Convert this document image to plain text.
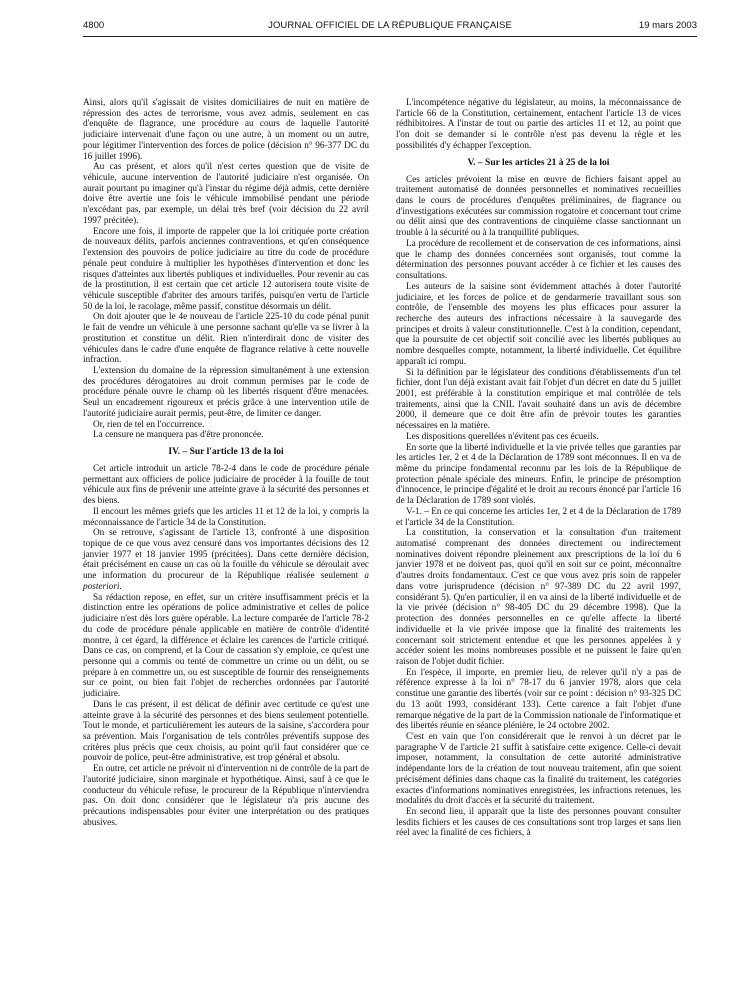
4800	JOURNAL OFFICIEL DE LA RÉPUBLIQUE FRANÇAISE	19 mars 2003

Ainsi, alors qu'il s'agissait de visites domiciliaires de nuit en matière de répression des actes de terrorisme, vous avez admis, seulement en cas d'enquête de flagrance, une procédure au cours de laquelle l'autorité judiciaire intervenait d'une façon ou une autre, à un moment ou un autre, pour légitimer l'intervention des forces de police (décision n° 96-377 DC du 16 juillet 1996).

Au cas présent, et alors qu'il n'est certes question que de visite de véhicule, aucune intervention de l'autorité judiciaire n'est organisée. On aurait pourtant pu imaginer qu'à l'instar du régime déjà admis, cette dernière doive être avertie une fois le véhicule immobilisé pendant une période n'excédant pas, par exemple, un délai très bref (voir décision du 22 avril 1997 précitée).

Encore une fois, il importe de rappeler que la loi critiquée porte création de nouveaux délits, parfois anciennes contraventions, et qu'en conséquence l'extension des pouvoirs de police judiciaire au titre du code de procédure pénale peut conduire à multiplier les hypothèses d'intervention et donc les risques d'atteintes aux libertés publiques et individuelles. Pour revenir au cas de la prostitution, il est certain que cet article 12 autorisera toute visite de véhicule susceptible d'abriter des amours tarifés, puisqu'en vertu de l'article 50 de la loi, le racolage, même passif, constitue désormais un délit.

On doit ajouter que le 4e nouveau de l'article 225-10 du code pénal punit le fait de vendre un véhicule à une personne sachant qu'elle va se livrer à la prostitution et constitue un délit. Rien n'interdirait donc de visiter des véhicules dans le cadre d'une enquête de flagrance relative à cette nouvelle infraction.

L'extension du domaine de la répression simultanément à une extension des procédures dérogatoires au droit commun permises par le code de procédure pénale ouvre le champ où les libertés risquent d'être menacées. Seul un encadrement rigoureux et précis grâce à une intervention utile de l'autorité judiciaire aurait permis, peut-être, de limiter ce danger.

Or, rien de tel en l'occurrence.

La censure ne manquera pas d'être prononcée.

IV. – Sur l'article 13 de la loi

Cet article introduit un article 78-2-4 dans le code de procédure pénale permettant aux officiers de police judiciaire de procéder à la fouille de tout véhicule aux fins de prévenir une atteinte grave à la sécurité des personnes et des biens.

Il encourt les mêmes griefs que les articles 11 et 12 de la loi, y compris la méconnaissance de l'article 34 de la Constitution.

On se retrouve, s'agissant de l'article 13, confronté à une disposition topique de ce que vous avez censuré dans vos importantes décisions des 12 janvier 1977 et 18 janvier 1995 (précitées). Dans cette dernière décision, était précisément en cause un cas où la fouille du véhicule se déroulait avec une information du procureur de la République réalisée seulement a posteriori.

Sa rédaction repose, en effet, sur un critère insuffisamment précis et la distinction entre les opérations de police administrative et celles de police judiciaire n'est dès lors guère opérable. La lecture comparée de l'article 78-2 du code de procédure pénale applicable en matière de contrôle d'identité montre, à cet égard, la différence et éclaire les carences de l'article critiqué. Dans ce cas, on comprend, et la Cour de cassation s'y emploie, ce qu'est une personne qui a commis ou tenté de commettre un crime ou un délit, ou se prépare à en commettre un, ou est susceptible de fournir des renseignements sur ce point, ou bien fait l'objet de recherches ordonnées par l'autorité judiciaire.

Dans le cas présent, il est délicat de définir avec certitude ce qu'est une atteinte grave à la sécurité des personnes et des biens seulement potentielle. Tout le monde, et particulièrement les auteurs de la saisine, s'accordera pour sa prévention. Mais l'organisation de tels contrôles préventifs suppose des critères plus précis que ceux choisis, au point qu'il faut considérer que ce pouvoir de police, peut-être administrative, est trop général et absolu.

En outre, cet article ne prévoit ni d'intervention ni de contrôle de la part de l'autorité judiciaire, sinon marginale et hypothétique. Ainsi, sauf à ce que le conducteur du véhicule refuse, le procureur de la République n'interviendra pas. On doit donc considérer que le législateur n'a pris aucune des précautions indispensables pour éviter une interprétation ou des pratiques abusives.

L'incompétence négative du législateur, au moins, la méconnaissance de l'article 66 de la Constitution, certainement, entachent l'article 13 de vices rédhibitoires. A l'instar de tout ou partie des articles 11 et 12, au point que l'on doit se demander si le contrôle n'est pas devenu la règle et les possibilités d'y échapper l'exception.

V. – Sur les articles 21 à 25 de la loi

Ces articles prévoient la mise en œuvre de fichiers faisant appel au traitement automatisé de données personnelles et nominatives recueillies dans le cours de procédures d'enquêtes préliminaires, de flagrance ou d'investigations exécutées sur commission rogatoire et concernant tout crime ou délit ainsi que des contraventions de cinquième classe sanctionnant un trouble à la sécurité ou à la tranquillité publiques.

La procédure de recollement et de conservation de ces informations, ainsi que le champ des données concernées sont organisés, tout comme la détermination des personnes pouvant accéder à ce fichier et les causes des consultations.

Les auteurs de la saisine sont évidemment attachés à doter l'autorité judiciaire, et les forces de police et de gendarmerie travaillant sous son contrôle, de l'ensemble des moyens les plus efficaces pour assurer la recherche des auteurs des infractions nécessaire à la sauvegarde des principes et droits à valeur constitutionnelle. C'est à la condition, cependant, que la poursuite de cet objectif soit concilié avec les libertés publiques au nombre desquelles compte, notamment, la liberté individuelle. Cet équilibre apparaît ici rompu.

Si la définition par le législateur des conditions d'établissements d'un tel fichier, dont l'un déjà existant avait fait l'objet d'un décret en date du 5 juillet 2001, est préférable à la constitution empirique et mal contrôlée de tels traitements, ainsi que la CNIL l'avait souhaité dans un avis de décembre 2000, il demeure que ce doit être afin de prévoir toutes les garanties nécessaires en la matière.

Les dispositions querellées n'évitent pas ces écueils.

En sorte que la liberté individuelle et la vie privée telles que garanties par les articles 1er, 2 et 4 de la Déclaration de 1789 sont méconnues. Il en va de même du principe fondamental reconnu par les lois de la République de protection pénale spéciale des mineurs. Enfin, le principe de présomption d'innocence, le principe d'égalité et le droit au recours énoncé par l'article 16 de la Déclaration de 1789 sont violés.

V-1. – En ce qui concerne les articles 1er, 2 et 4 de la Déclaration de 1789 et l'article 34 de la Constitution.

La constitution, la conservation et la consultation d'un traitement automatisé comprenant des données directement ou indirectement nominatives doivent répondre pleinement aux prescriptions de la loi du 6 janvier 1978 et ne doivent pas, quoi qu'il en soit sur ce point, méconnaître d'autres droits fondamentaux. C'est ce que vous avez pris soin de rappeler dans votre jurisprudence (décision n° 97-389 DC du 22 avril 1997, considérant 5). Qu'en particulier, il en va ainsi de la liberté individuelle et de la vie privée (décision n° 98-405 DC du 29 décembre 1998). Que la protection des données personnelles en ce qu'elle affecte la liberté individuelle et la vie privée impose que la finalité des traitements les concernant soit strictement entendue et que les personnes appelées à y accéder soient les moins nombreuses possible et ne puissent le faire qu'en raison de l'objet dudit fichier.

En l'espèce, il importe, en premier lieu, de relever qu'il n'y a pas de référence expresse à la loi n° 78-17 du 6 janvier 1978, alors que cela constitue une garantie des libertés (voir sur ce point : décision n° 93-325 DC du 13 août 1993, considérant 133). Cette carence a fait l'objet d'une remarque négative de la part de la Commission nationale de l'informatique et des libertés réunie en séance plénière, le 24 octobre 2002.

C'est en vain que l'on considérerait que le renvoi à un décret par le paragraphe V de l'article 21 suffit à satisfaire cette exigence. Celle-ci devait imposer, notamment, la consultation de cette autorité administrative indépendante lors de la création de tout nouveau traitement, afin que soient précisément définies dans chaque cas la finalité du traitement, les catégories exactes d'informations nominatives enregistrées, les infractions retenues, les modalités du droit d'accès et la sécurité du traitement.

En second lieu, il apparaît que la liste des personnes pouvant consulter lesdits fichiers et les causes de ces consultations sont trop larges et sans lien réel avec la finalité de ces fichiers, à
